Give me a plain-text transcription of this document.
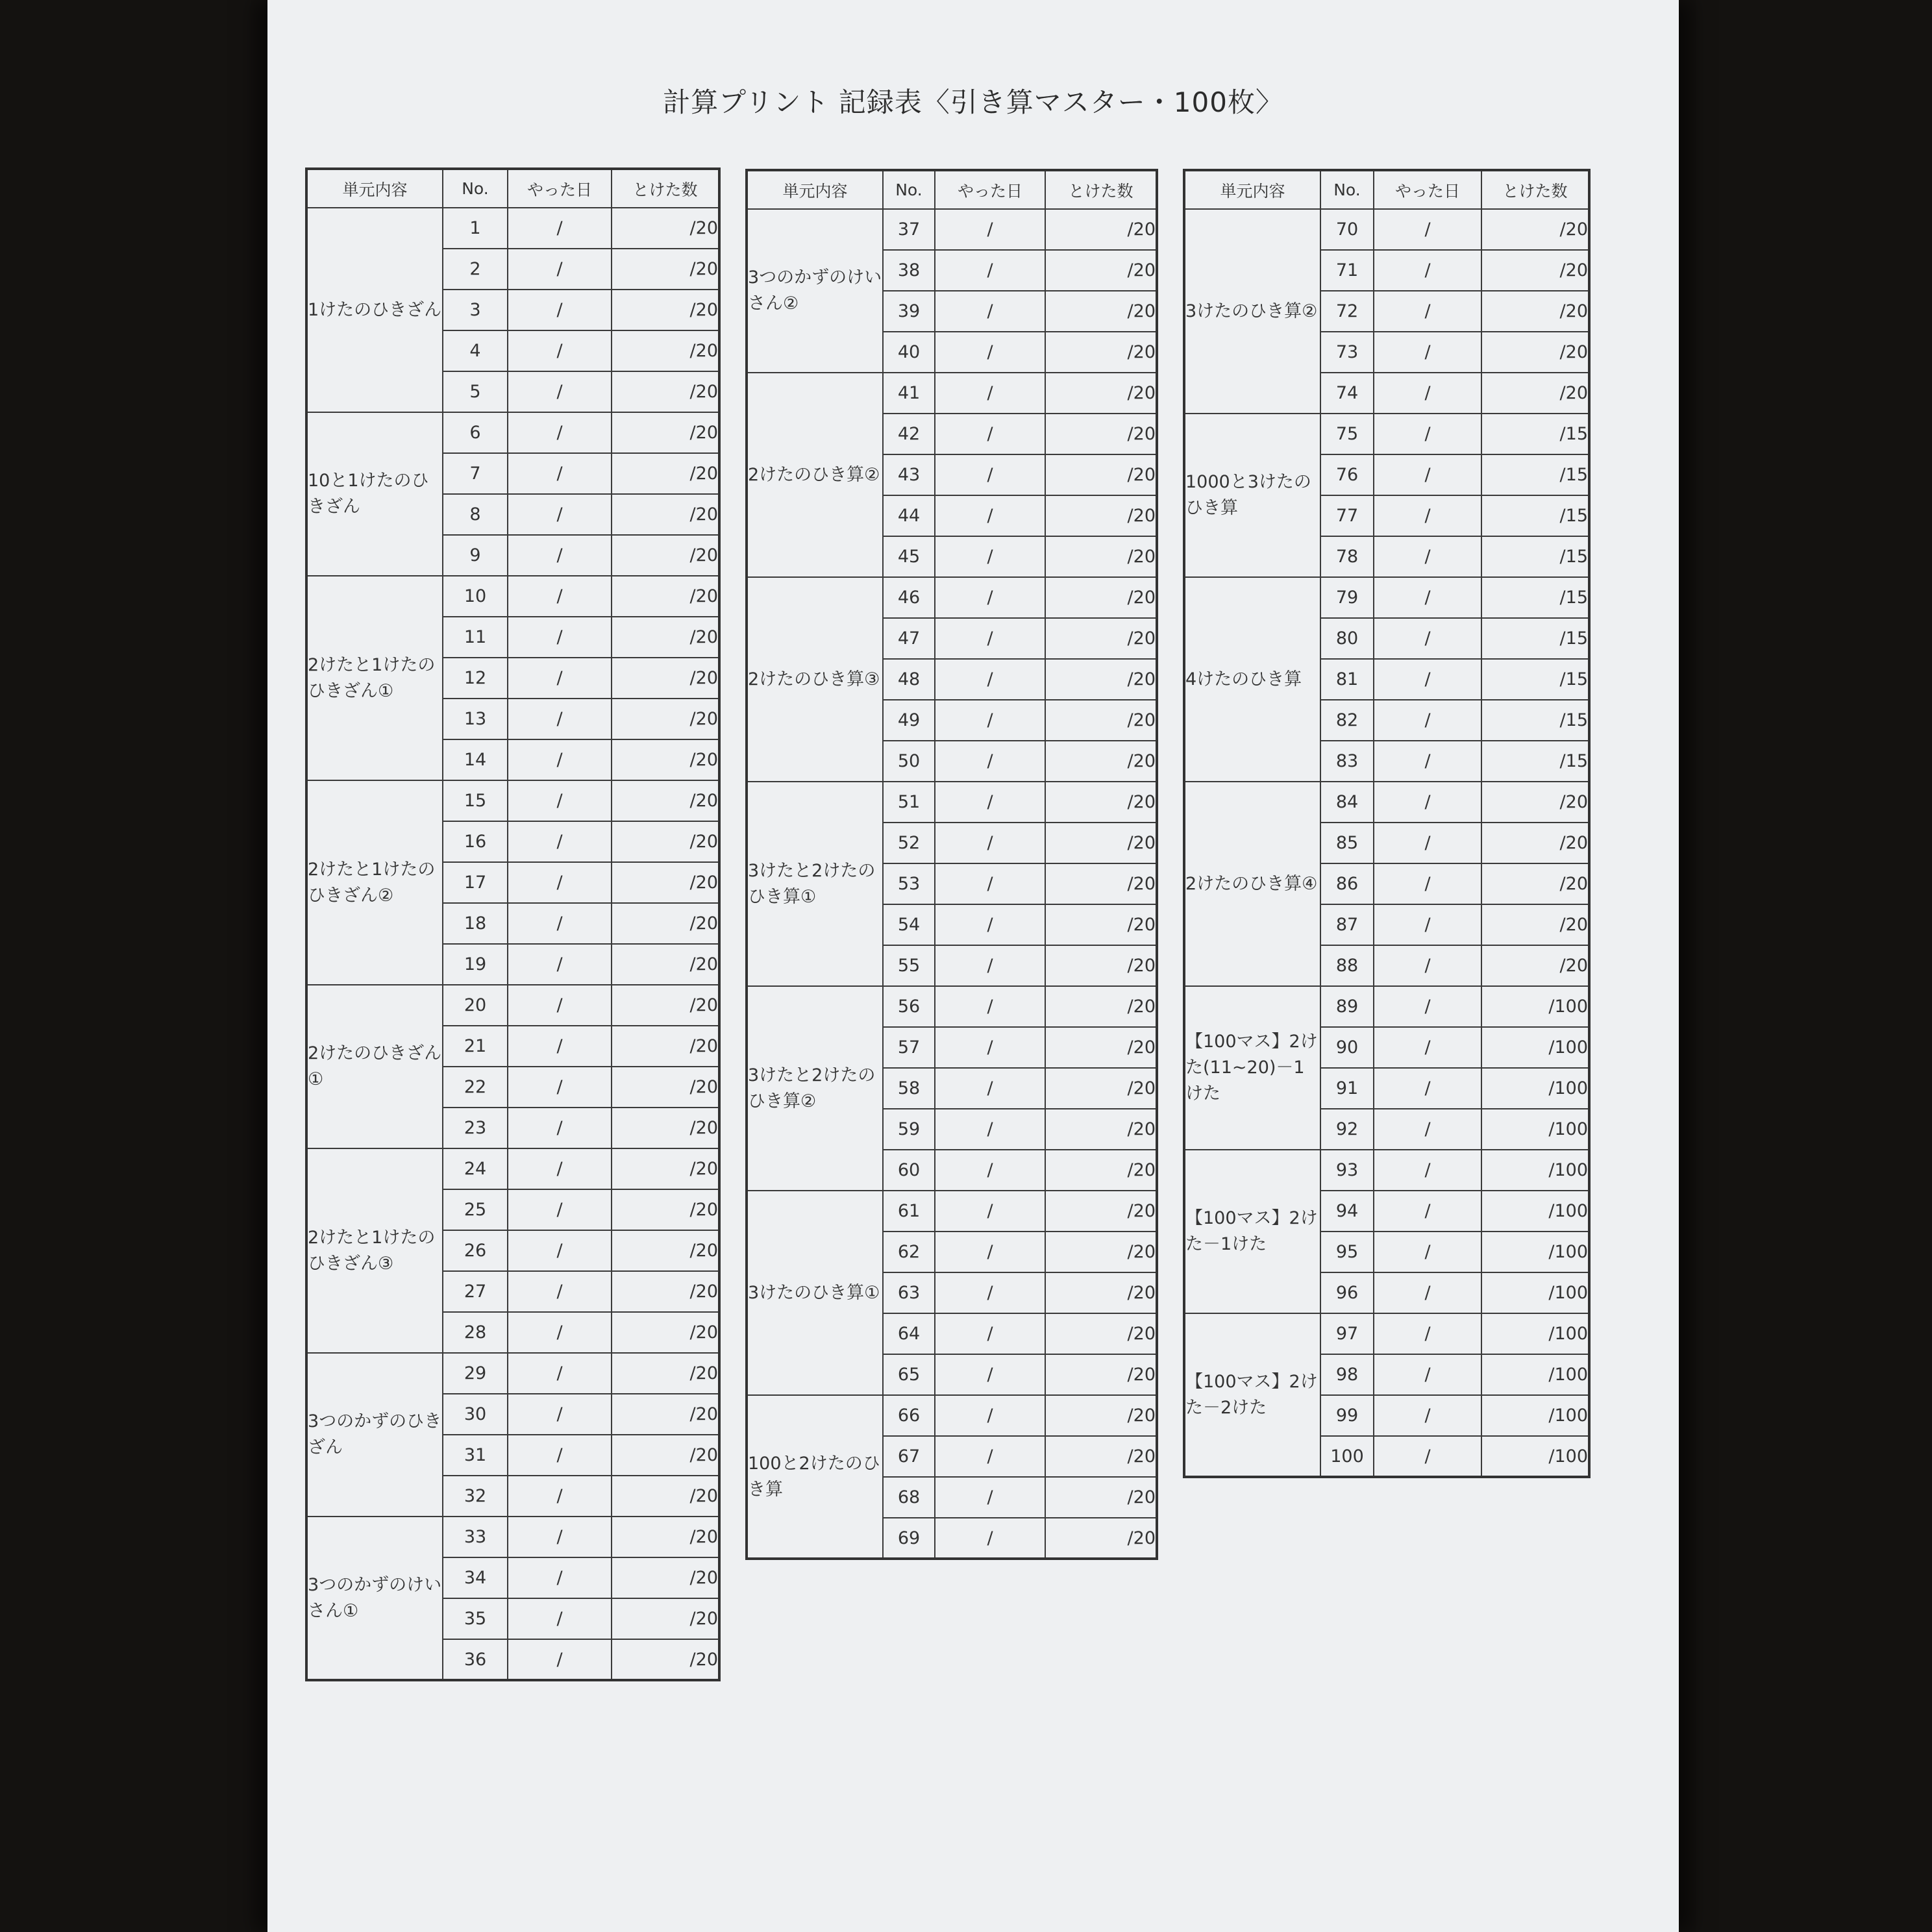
計算プリント 記録表〈引き算マスター・100枚〉
単元内容	No.	やった日	とけた数
1けたのひきざん	1	/	/20
	2	/	/20
	3	/	/20
	4	/	/20
	5	/	/20
10と1けたのひきざん	6	/	/20
	7	/	/20
	8	/	/20
	9	/	/20
2けたと1けたのひきざん①	10	/	/20
	11	/	/20
	12	/	/20
	13	/	/20
	14	/	/20
2けたと1けたのひきざん②	15	/	/20
	16	/	/20
	17	/	/20
	18	/	/20
	19	/	/20
2けたのひきざん①	20	/	/20
	21	/	/20
	22	/	/20
	23	/	/20
2けたと1けたのひきざん③	24	/	/20
	25	/	/20
	26	/	/20
	27	/	/20
	28	/	/20
3つのかずのひきざん	29	/	/20
	30	/	/20
	31	/	/20
	32	/	/20
3つのかずのけいさん①	33	/	/20
	34	/	/20
	35	/	/20
	36	/	/20
単元内容	No.	やった日	とけた数
3つのかずのけいさん②	37	/	/20
	38	/	/20
	39	/	/20
	40	/	/20
2けたのひき算②	41	/	/20
	42	/	/20
	43	/	/20
	44	/	/20
	45	/	/20
2けたのひき算③	46	/	/20
	47	/	/20
	48	/	/20
	49	/	/20
	50	/	/20
3けたと2けたのひき算①	51	/	/20
	52	/	/20
	53	/	/20
	54	/	/20
	55	/	/20
3けたと2けたのひき算②	56	/	/20
	57	/	/20
	58	/	/20
	59	/	/20
	60	/	/20
3けたのひき算①	61	/	/20
	62	/	/20
	63	/	/20
	64	/	/20
	65	/	/20
100と2けたのひき算	66	/	/20
	67	/	/20
	68	/	/20
	69	/	/20
単元内容	No.	やった日	とけた数
3けたのひき算②	70	/	/20
	71	/	/20
	72	/	/20
	73	/	/20
	74	/	/20
1000と3けたのひき算	75	/	/15
	76	/	/15
	77	/	/15
	78	/	/15
4けたのひき算	79	/	/15
	80	/	/15
	81	/	/15
	82	/	/15
	83	/	/15
2けたのひき算④	84	/	/20
	85	/	/20
	86	/	/20
	87	/	/20
	88	/	/20
【100マス】2けた(11~20)－1けた	89	/	/100
	90	/	/100
	91	/	/100
	92	/	/100
【100マス】2けた－1けた	93	/	/100
	94	/	/100
	95	/	/100
	96	/	/100
【100マス】2けた－2けた	97	/	/100
	98	/	/100
	99	/	/100
	100	/	/100
